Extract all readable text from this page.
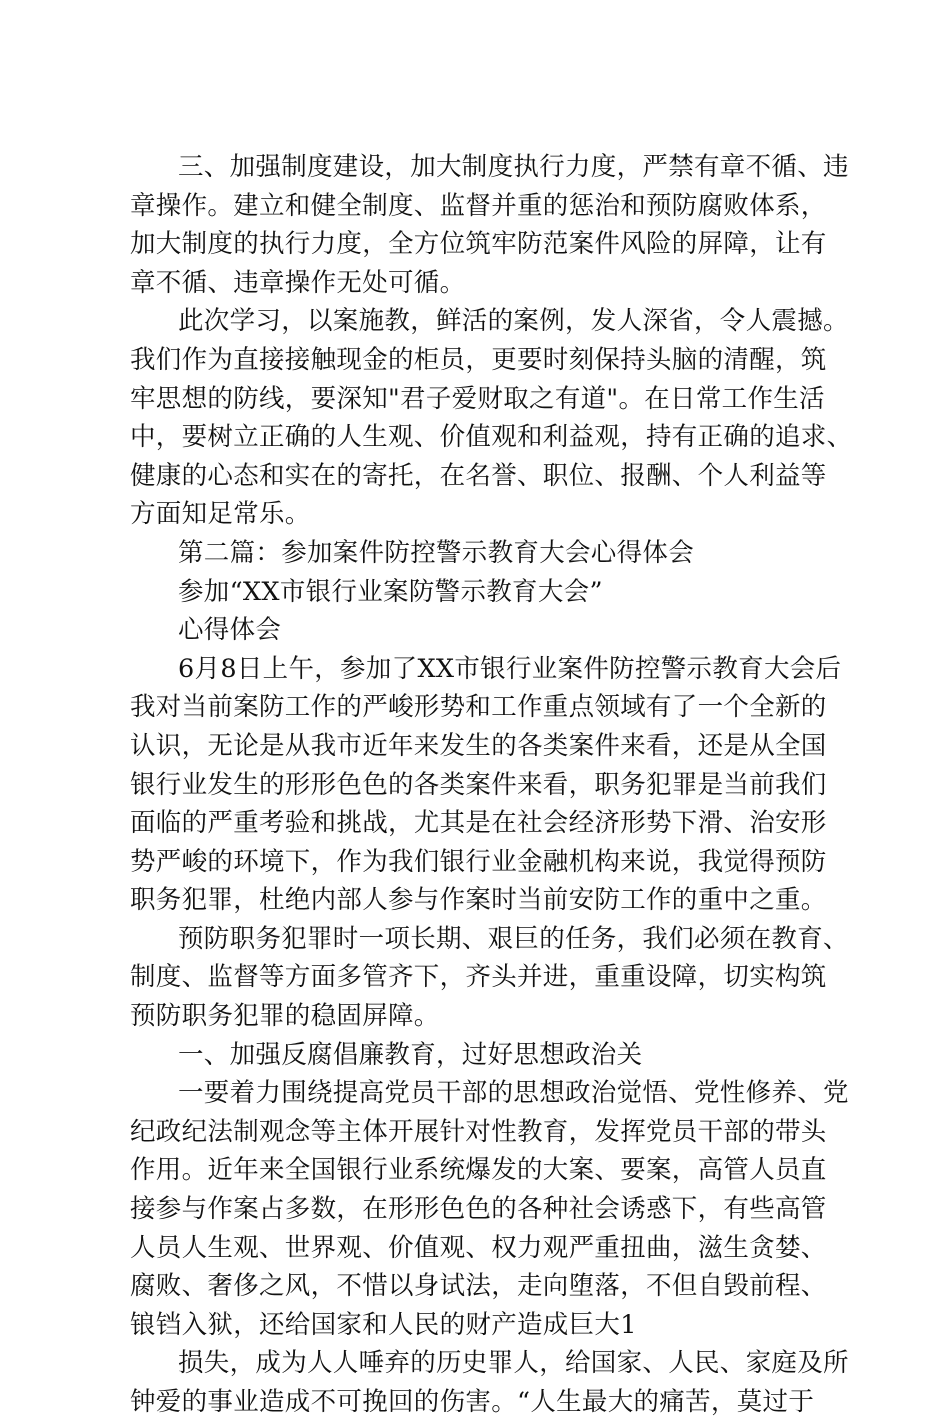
三、加强制度建设，加大制度执行力度，严禁有章不循、违
章操作。建立和健全制度、监督并重的惩治和预防腐败体系，
加大制度的执行力度，全方位筑牢防范案件风险的屏障，让有
章不循、违章操作无处可循。
此次学习，以案施教，鲜活的案例，发人深省，令人震撼。
我们作为直接接触现金的柜员，更要时刻保持头脑的清醒，筑
牢思想的防线，要深知"君子爱财取之有道"。在日常工作生活
中，要树立正确的人生观、价值观和利益观，持有正确的追求、
健康的心态和实在的寄托，在名誉、职位、报酬、个人利益等
方面知足常乐。
第二篇：参加案件防控警示教育大会心得体会
参加“XX市银行业案防警示教育大会”
心得体会
6月8日上午，参加了XX市银行业案件防控警示教育大会后
我对当前案防工作的严峻形势和工作重点领域有了一个全新的
认识，无论是从我市近年来发生的各类案件来看，还是从全国
银行业发生的形形色色的各类案件来看，职务犯罪是当前我们
面临的严重考验和挑战，尤其是在社会经济形势下滑、治安形
势严峻的环境下，作为我们银行业金融机构来说，我觉得预防
职务犯罪，杜绝内部人参与作案时当前安防工作的重中之重。
预防职务犯罪时一项长期、艰巨的任务，我们必须在教育、
制度、监督等方面多管齐下，齐头并进，重重设障，切实构筑
预防职务犯罪的稳固屏障。
一、加强反腐倡廉教育，过好思想政治关
一要着力围绕提高党员干部的思想政治觉悟、党性修养、党
纪政纪法制观念等主体开展针对性教育，发挥党员干部的带头
作用。近年来全国银行业系统爆发的大案、要案，高管人员直
接参与作案占多数，在形形色色的各种社会诱惑下，有些高管
人员人生观、世界观、价值观、权力观严重扭曲，滋生贪婪、
腐败、奢侈之风，不惜以身试法，走向堕落，不但自毁前程、
锒铛入狱，还给国家和人民的财产造成巨大1
损失，成为人人唾弃的历史罪人，给国家、人民、家庭及所
钟爱的事业造成不可挽回的伤害。“人生最大的痛苦，莫过于
